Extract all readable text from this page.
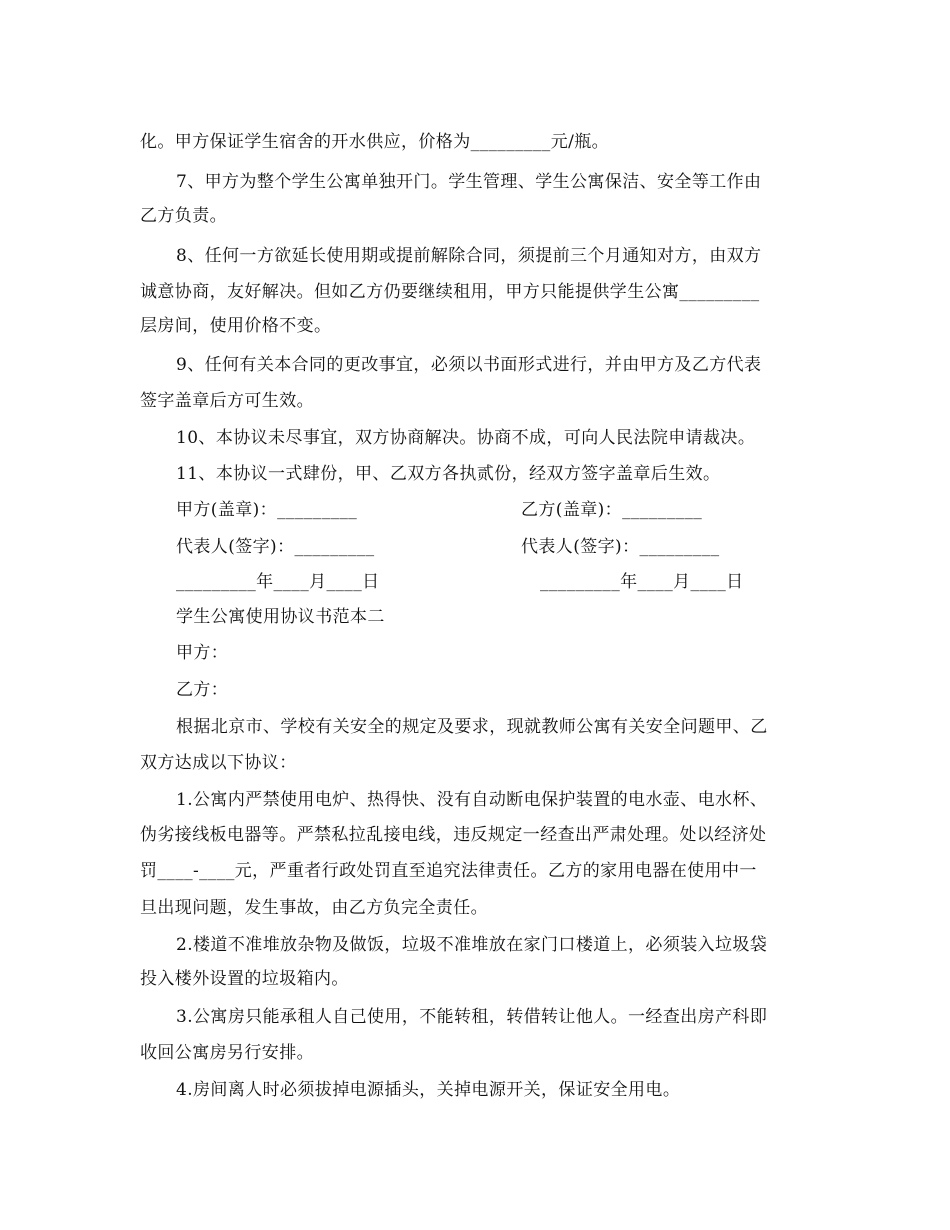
化。甲方保证学生宿舍的开水供应，价格为_________元/瓶。
7、甲方为整个学生公寓单独开门。学生管理、学生公寓保洁、安全等工作由
乙方负责。
8、任何一方欲延长使用期或提前解除合同，须提前三个月通知对方，由双方
诚意协商，友好解决。但如乙方仍要继续租用，甲方只能提供学生公寓_________
层房间，使用价格不变。
9、任何有关本合同的更改事宜，必须以书面形式进行，并由甲方及乙方代表
签字盖章后方可生效。
10、本协议未尽事宜，双方协商解决。协商不成，可向人民法院申请裁决。
11、本协议一式肆份，甲、乙双方各执贰份，经双方签字盖章后生效。
甲方(盖章)：_________	乙方(盖章)：_________
代表人(签字)：_________	代表人(签字)：_________
_________年____月____日	_________年____月____日
学生公寓使用协议书范本二
甲方：
乙方：
根据北京市、学校有关安全的规定及要求，现就教师公寓有关安全问题甲、乙
双方达成以下协议：
1.公寓内严禁使用电炉、热得快、没有自动断电保护装置的电水壶、电水杯、
伪劣接线板电器等。严禁私拉乱接电线，违反规定一经查出严肃处理。处以经济处
罚____-____元，严重者行政处罚直至追究法律责任。乙方的家用电器在使用中一
旦出现问题，发生事故，由乙方负完全责任。
2.楼道不准堆放杂物及做饭，垃圾不准堆放在家门口楼道上，必须装入垃圾袋
投入楼外设置的垃圾箱内。
3.公寓房只能承租人自己使用，不能转租，转借转让他人。一经查出房产科即
收回公寓房另行安排。
4.房间离人时必须拔掉电源插头，关掉电源开关，保证安全用电。
